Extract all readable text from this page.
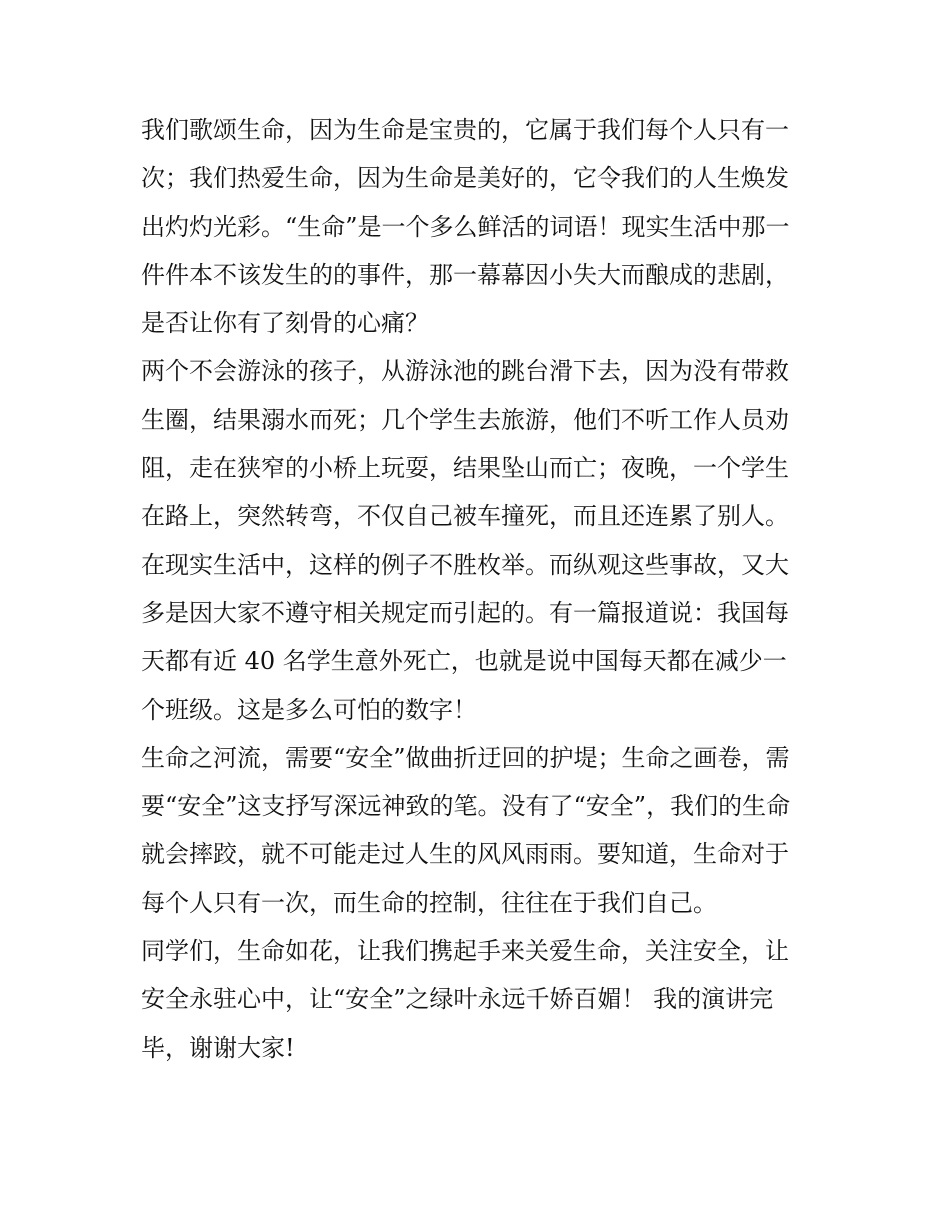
我们歌颂生命，因为生命是宝贵的，它属于我们每个人只有一
次；我们热爱生命，因为生命是美好的，它令我们的人生焕发
出灼灼光彩。“生命”是一个多么鲜活的词语！现实生活中那一
件件本不该发生的的事件，那一幕幕因小失大而酿成的悲剧，
是否让你有了刻骨的心痛？
两个不会游泳的孩子，从游泳池的跳台滑下去，因为没有带救
生圈，结果溺水而死；几个学生去旅游，他们不听工作人员劝
阻，走在狭窄的小桥上玩耍，结果坠山而亡；夜晚，一个学生
在路上，突然转弯，不仅自己被车撞死，而且还连累了别人。
在现实生活中，这样的例子不胜枚举。而纵观这些事故，又大
多是因大家不遵守相关规定而引起的。有一篇报道说：我国每
天都有近 40 名学生意外死亡，也就是说中国每天都在减少一
个班级。这是多么可怕的数字！
生命之河流，需要“安全”做曲折迂回的护堤；生命之画卷，需
要“安全”这支抒写深远神致的笔。没有了“安全”，我们的生命
就会摔跤，就不可能走过人生的风风雨雨。要知道，生命对于
每个人只有一次，而生命的控制，往往在于我们自己。
同学们，生命如花，让我们携起手来关爱生命，关注安全，让
安全永驻心中，让“安全”之绿叶永远千娇百媚！ 我的演讲完
毕，谢谢大家!
